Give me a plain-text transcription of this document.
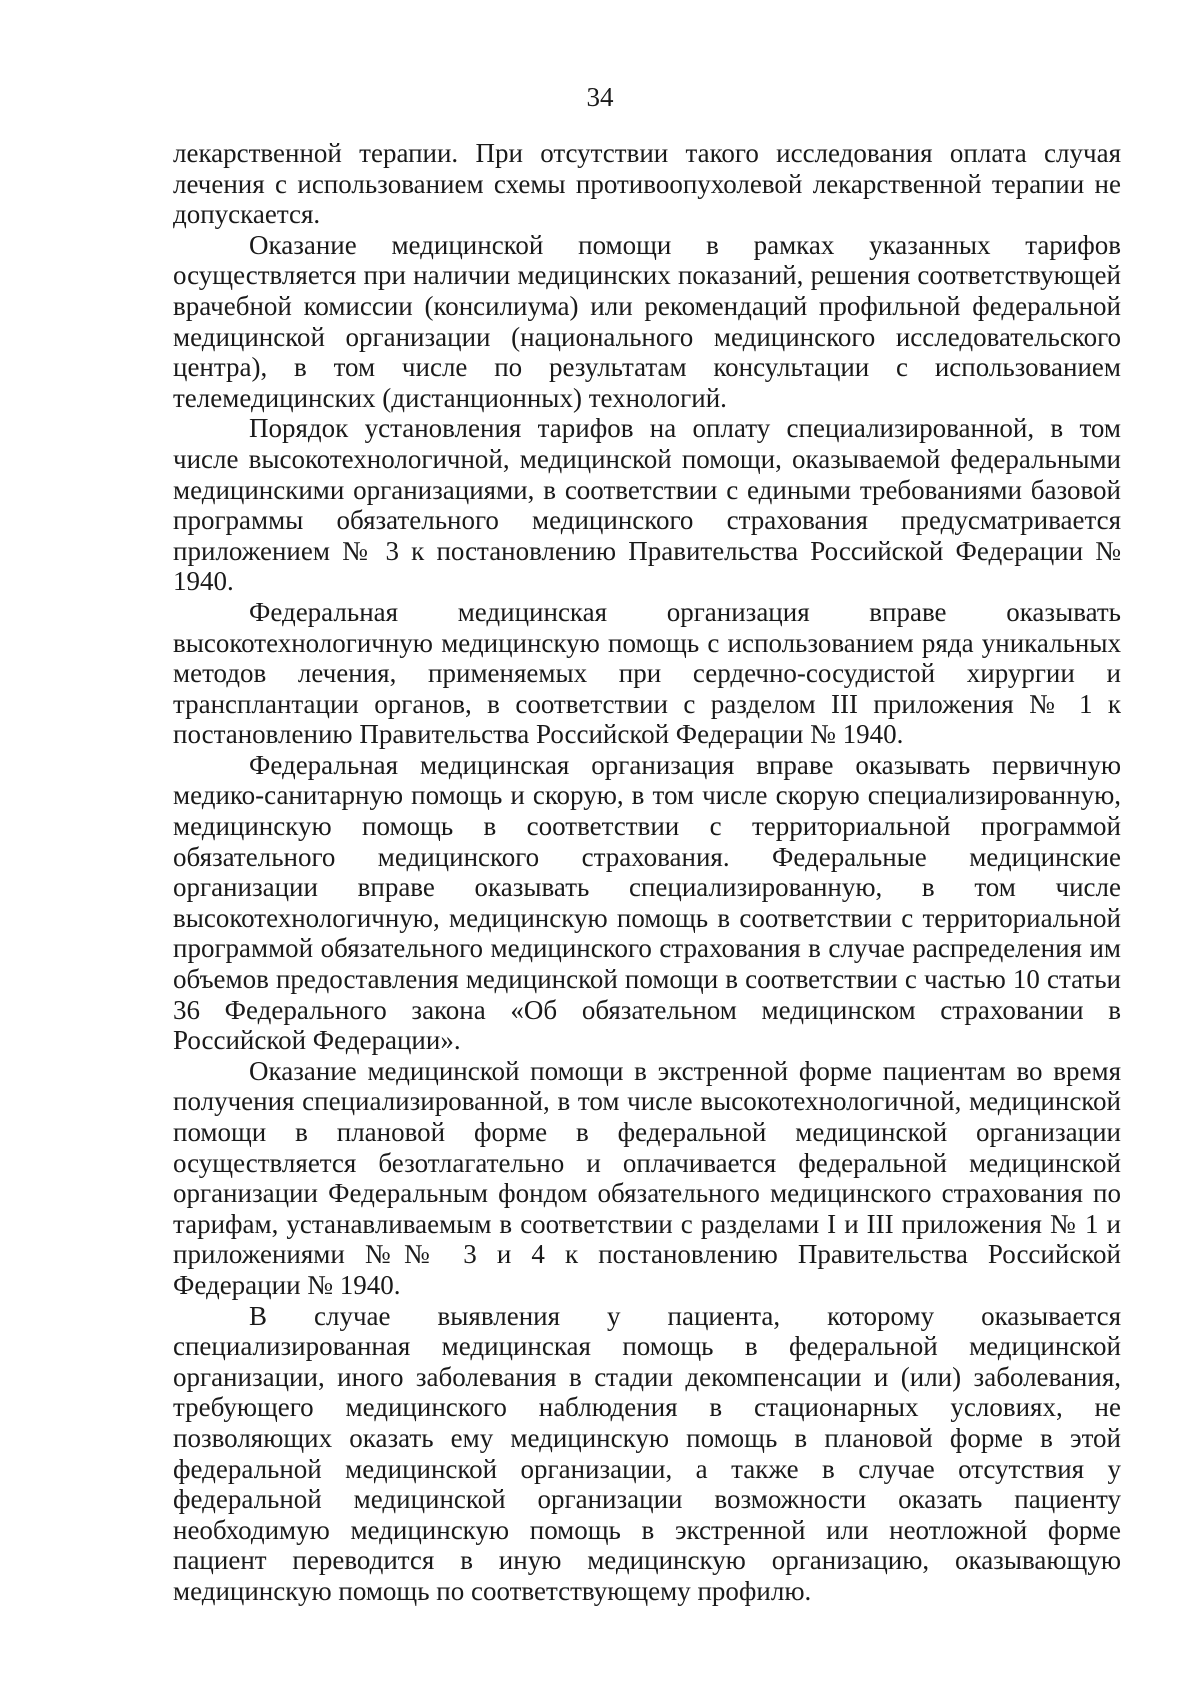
34

лекарственной терапии. При отсутствии такого исследования оплата случая лечения с использованием схемы противоопухолевой лекарственной терапии не допускается.

Оказание медицинской помощи в рамках указанных тарифов осуществляется при наличии медицинских показаний, решения соответствующей врачебной комиссии (консилиума) или рекомендаций профильной федеральной медицинской организации (национального медицинского исследовательского центра), в том числе по результатам консультации с использованием телемедицинских (дистанционных) технологий.

Порядок установления тарифов на оплату специализированной, в том числе высокотехнологичной, медицинской помощи, оказываемой федеральными медицинскими организациями, в соответствии с едиными требованиями базовой программы обязательного медицинского страхования предусматривается приложением № 3 к постановлению Правительства Российской Федерации № 1940.

Федеральная медицинская организация вправе оказывать высокотехнологичную медицинскую помощь с использованием ряда уникальных методов лечения, применяемых при сердечно-сосудистой хирургии и трансплантации органов, в соответствии с разделом III приложения № 1 к постановлению Правительства Российской Федерации № 1940.

Федеральная медицинская организация вправе оказывать первичную медико-санитарную помощь и скорую, в том числе скорую специализированную, медицинскую помощь в соответствии с территориальной программой обязательного медицинского страхования. Федеральные медицинские организации вправе оказывать специализированную, в том числе высокотехнологичную, медицинскую помощь в соответствии с территориальной программой обязательного медицинского страхования в случае распределения им объемов предоставления медицинской помощи в соответствии с частью 10 статьи 36 Федерального закона «Об обязательном медицинском страховании в Российской Федерации».

Оказание медицинской помощи в экстренной форме пациентам во время получения специализированной, в том числе высокотехнологичной, медицинской помощи в плановой форме в федеральной медицинской организации осуществляется безотлагательно и оплачивается федеральной медицинской организации Федеральным фондом обязательного медицинского страхования по тарифам, устанавливаемым в соответствии с разделами I и III приложения № 1 и приложениями №№ 3 и 4 к постановлению Правительства Российской Федерации № 1940.

В случае выявления у пациента, которому оказывается специализированная медицинская помощь в федеральной медицинской организации, иного заболевания в стадии декомпенсации и (или) заболевания, требующего медицинского наблюдения в стационарных условиях, не позволяющих оказать ему медицинскую помощь в плановой форме в этой федеральной медицинской организации, а также в случае отсутствия у федеральной медицинской организации возможности оказать пациенту необходимую медицинскую помощь в экстренной или неотложной форме пациент переводится в иную медицинскую организацию, оказывающую медицинскую помощь по соответствующему профилю.
